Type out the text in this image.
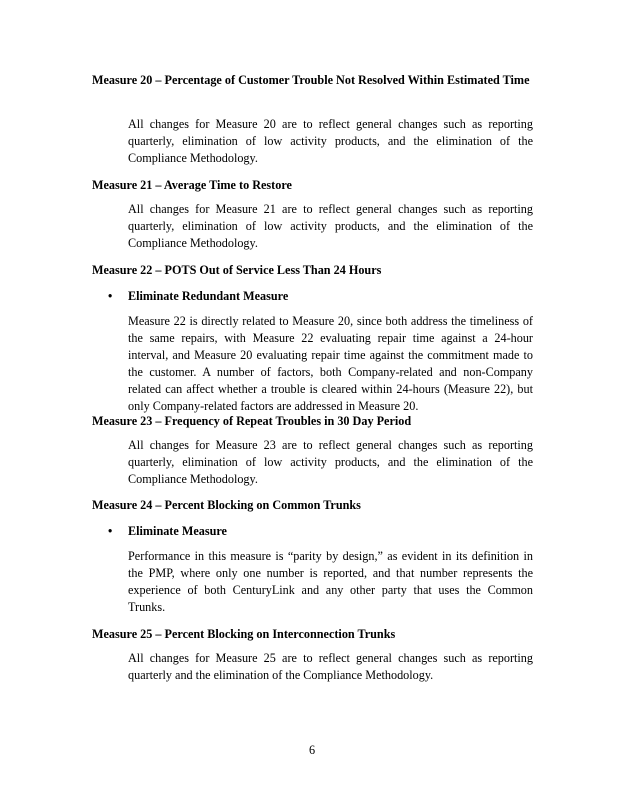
Measure 20 – Percentage of Customer Trouble Not Resolved Within Estimated Time
All changes for Measure 20 are to reflect general changes such as reporting quarterly, elimination of low activity products, and the elimination of the Compliance Methodology.
Measure 21 – Average Time to Restore
All changes for Measure 21 are to reflect general changes such as reporting quarterly, elimination of low activity products, and the elimination of the Compliance Methodology.
Measure 22 – POTS Out of Service Less Than 24 Hours
• Eliminate Redundant Measure
Measure 22 is directly related to Measure 20, since both address the timeliness of the same repairs, with Measure 22 evaluating repair time against a 24-hour interval, and Measure 20 evaluating repair time against the commitment made to the customer. A number of factors, both Company-related and non-Company related can affect whether a trouble is cleared within 24-hours (Measure 22), but only Company-related factors are addressed in Measure 20.
Measure 23 – Frequency of Repeat Troubles in 30 Day Period
All changes for Measure 23 are to reflect general changes such as reporting quarterly, elimination of low activity products, and the elimination of the Compliance Methodology.
Measure 24 – Percent Blocking on Common Trunks
• Eliminate Measure
Performance in this measure is “parity by design,” as evident in its definition in the PMP, where only one number is reported, and that number represents the experience of both CenturyLink and any other party that uses the Common Trunks.
Measure 25 – Percent Blocking on Interconnection Trunks
All changes for Measure 25 are to reflect general changes such as reporting quarterly and the elimination of the Compliance Methodology.
6
